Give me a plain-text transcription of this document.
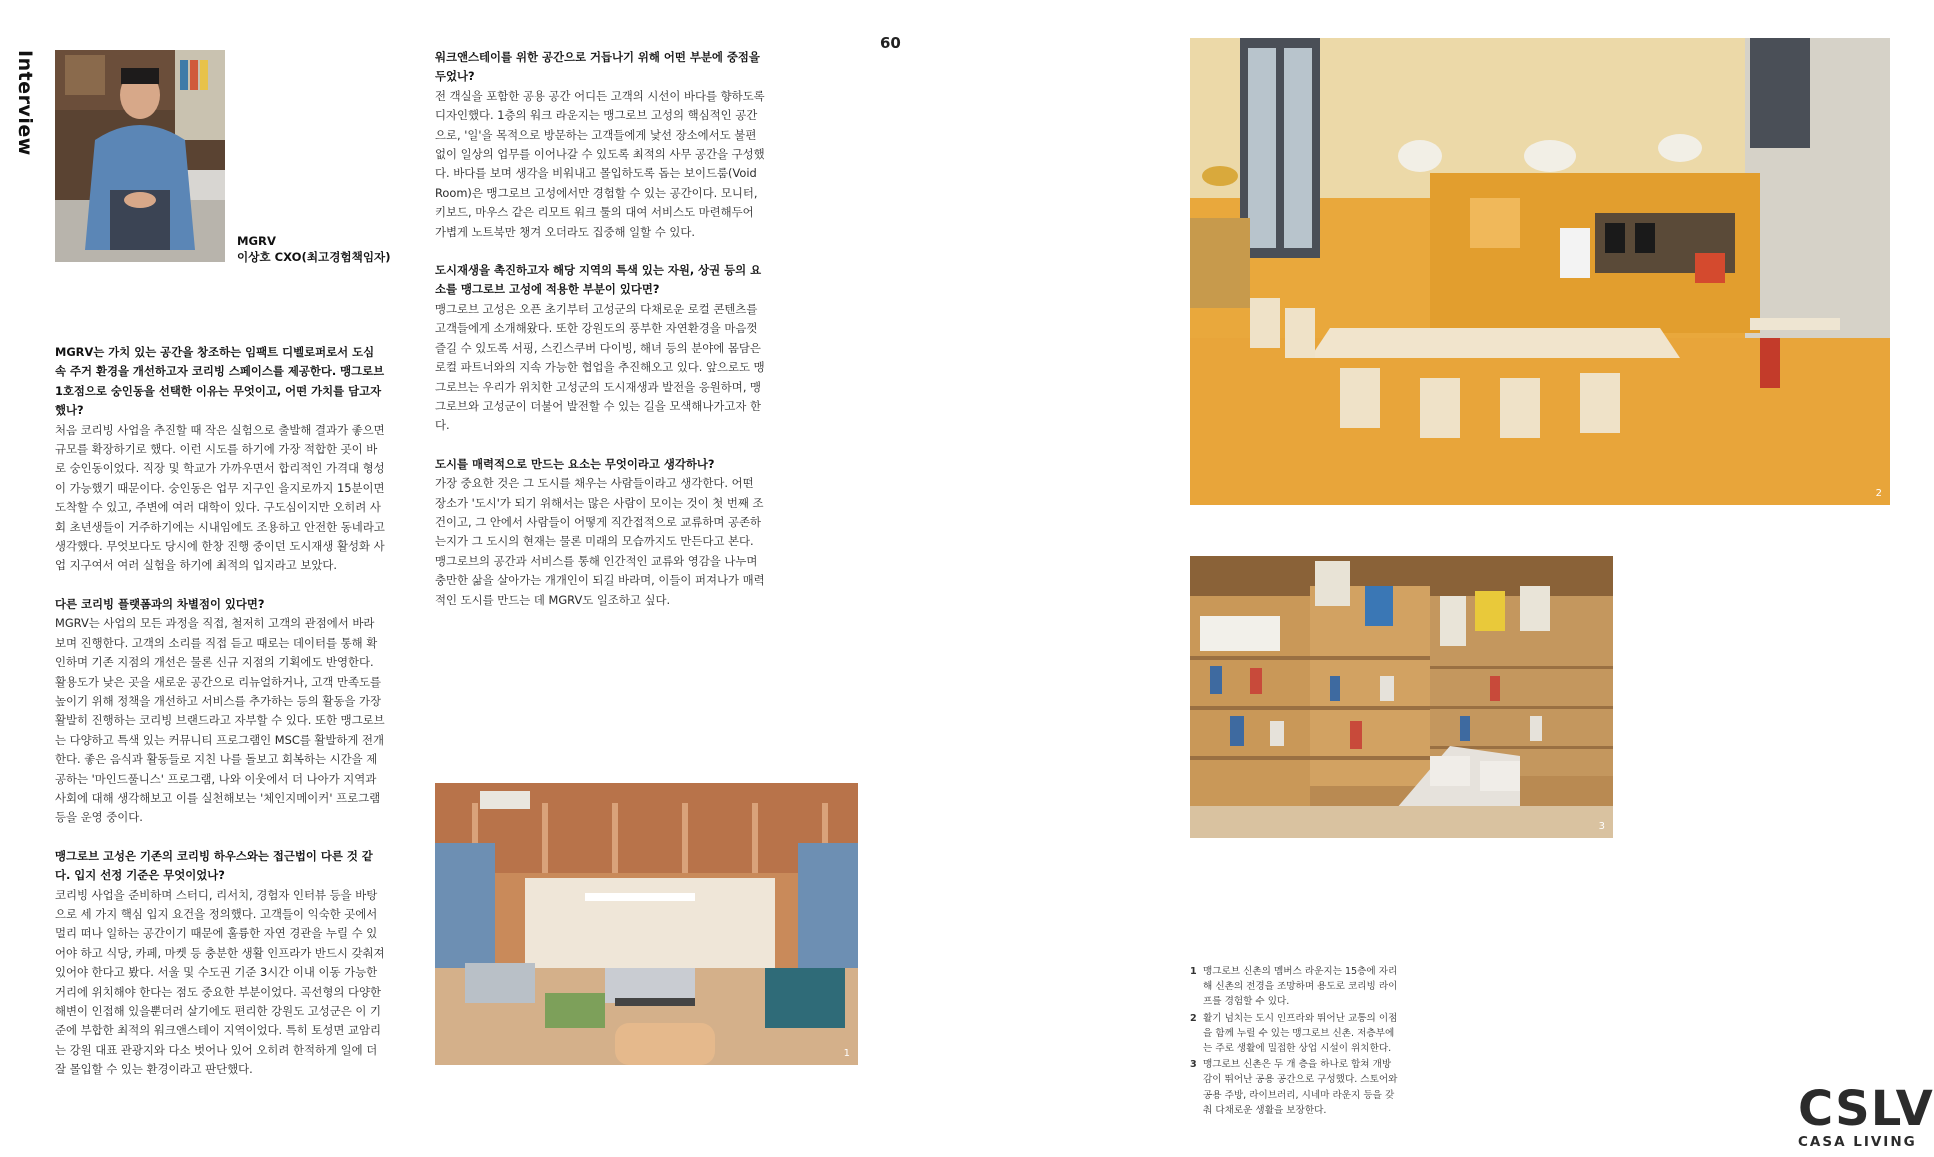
Interview
60
MGRV
이상호 CXO(최고경험책임자)
MGRV는 가치 있는 공간을 창조하는 임팩트 디벨로퍼로서 도심 속 주거 환경을 개선하고자 코리빙 스페이스를 제공한다. 맹그로브 1호점으로 숭인동을 선택한 이유는 무엇이고, 어떤 가치를 담고자 했나?
처음 코리빙 사업을 추진할 때 작은 실험으로 출발해 결과가 좋으면 규모를 확장하기로 했다. 이런 시도를 하기에 가장 적합한 곳이 바로 숭인동이었다. 직장 및 학교가 가까우면서 합리적인 가격대 형성이 가능했기 때문이다. 숭인동은 업무 지구인 을지로까지 15분이면 도착할 수 있고, 주변에 여러 대학이 있다. 구도심이지만 오히려 사회 초년생들이 거주하기에는 시내임에도 조용하고 안전한 동네라고 생각했다. 무엇보다도 당시에 한창 진행 중이던 도시재생 활성화 사업 지구여서 여러 실험을 하기에 최적의 입지라고 보았다.
다른 코리빙 플랫폼과의 차별점이 있다면?
MGRV는 사업의 모든 과정을 직접, 철저히 고객의 관점에서 바라보며 진행한다. 고객의 소리를 직접 듣고 때로는 데이터를 통해 확인하며 기존 지점의 개선은 물론 신규 지점의 기획에도 반영한다. 활용도가 낮은 곳을 새로운 공간으로 리뉴얼하거나, 고객 만족도를 높이기 위해 정책을 개선하고 서비스를 추가하는 등의 활동을 가장 활발히 진행하는 코리빙 브랜드라고 자부할 수 있다. 또한 맹그로브는 다양하고 특색 있는 커뮤니티 프로그램인 MSC를 활발하게 전개한다. 좋은 음식과 활동들로 지친 나를 돌보고 회복하는 시간을 제공하는 '마인드풀니스' 프로그램, 나와 이웃에서 더 나아가 지역과 사회에 대해 생각해보고 이를 실천해보는 '체인지메이커' 프로그램 등을 운영 중이다.
맹그로브 고성은 기존의 코리빙 하우스와는 접근법이 다른 것 같다. 입지 선정 기준은 무엇이었나?
코리빙 사업을 준비하며 스터디, 리서치, 경험자 인터뷰 등을 바탕으로 세 가지 핵심 입지 요건을 정의했다. 고객들이 익숙한 곳에서 멀리 떠나 일하는 공간이기 때문에 훌륭한 자연 경관을 누릴 수 있어야 하고 식당, 카페, 마켓 등 충분한 생활 인프라가 반드시 갖춰져 있어야 한다고 봤다. 서울 및 수도권 기준 3시간 이내 이동 가능한 거리에 위치해야 한다는 점도 중요한 부분이었다. 곡선형의 다양한 해변이 인접해 있을뿐더러 살기에도 편리한 강원도 고성군은 이 기준에 부합한 최적의 워크앤스테이 지역이었다. 특히 토성면 교암리는 강원 대표 관광지와 다소 벗어나 있어 오히려 한적하게 일에 더 잘 몰입할 수 있는 환경이라고 판단했다.
워크앤스테이를 위한 공간으로 거듭나기 위해 어떤 부분에 중점을 두었나?
전 객실을 포함한 공용 공간 어디든 고객의 시선이 바다를 향하도록 디자인했다. 1층의 워크 라운지는 맹그로브 고성의 핵심적인 공간으로, '일'을 목적으로 방문하는 고객들에게 낯선 장소에서도 불편 없이 일상의 업무를 이어나갈 수 있도록 최적의 사무 공간을 구성했다. 바다를 보며 생각을 비워내고 몰입하도록 돕는 보이드룸(Void Room)은 맹그로브 고성에서만 경험할 수 있는 공간이다. 모니터, 키보드, 마우스 같은 리모트 워크 툴의 대여 서비스도 마련해두어 가볍게 노트북만 챙겨 오더라도 집중해 일할 수 있다.
도시재생을 촉진하고자 해당 지역의 특색 있는 자원, 상권 등의 요소를 맹그로브 고성에 적용한 부분이 있다면?
맹그로브 고성은 오픈 초기부터 고성군의 다채로운 로컬 콘텐츠를 고객들에게 소개해왔다. 또한 강원도의 풍부한 자연환경을 마음껏 즐길 수 있도록 서핑, 스킨스쿠버 다이빙, 해녀 등의 분야에 몸담은 로컬 파트너와의 지속 가능한 협업을 추진해오고 있다. 앞으로도 맹그로브는 우리가 위치한 고성군의 도시재생과 발전을 응원하며, 맹그로브와 고성군이 더불어 발전할 수 있는 길을 모색해나가고자 한다.
도시를 매력적으로 만드는 요소는 무엇이라고 생각하나?
가장 중요한 것은 그 도시를 채우는 사람들이라고 생각한다. 어떤 장소가 '도시'가 되기 위해서는 많은 사람이 모이는 것이 첫 번째 조건이고, 그 안에서 사람들이 어떻게 직간접적으로 교류하며 공존하는지가 그 도시의 현재는 물론 미래의 모습까지도 만든다고 본다. 맹그로브의 공간과 서비스를 통해 인간적인 교류와 영감을 나누며 충만한 삶을 살아가는 개개인이 되길 바라며, 이들이 퍼져나가 매력적인 도시를 만드는 데 MGRV도 일조하고 싶다.
1
2
3
1 맹그로브 신촌의 멤버스 라운지는 15층에 자리해 신촌의 전경을 조망하며 용도로 코리빙 라이프를 경험할 수 있다.
2 활기 넘치는 도시 인프라와 뛰어난 교통의 이점을 함께 누릴 수 있는 맹그로브 신촌. 저층부에는 주로 생활에 밀접한 상업 시설이 위치한다.
3 맹그로브 신촌은 두 개 층을 하나로 합쳐 개방감이 뛰어난 공용 공간으로 구성했다. 스토어와 공용 주방, 라이브러리, 시네마 라운지 등을 갖춰 다채로운 생활을 보장한다.	CSLV
CASA LIVING
